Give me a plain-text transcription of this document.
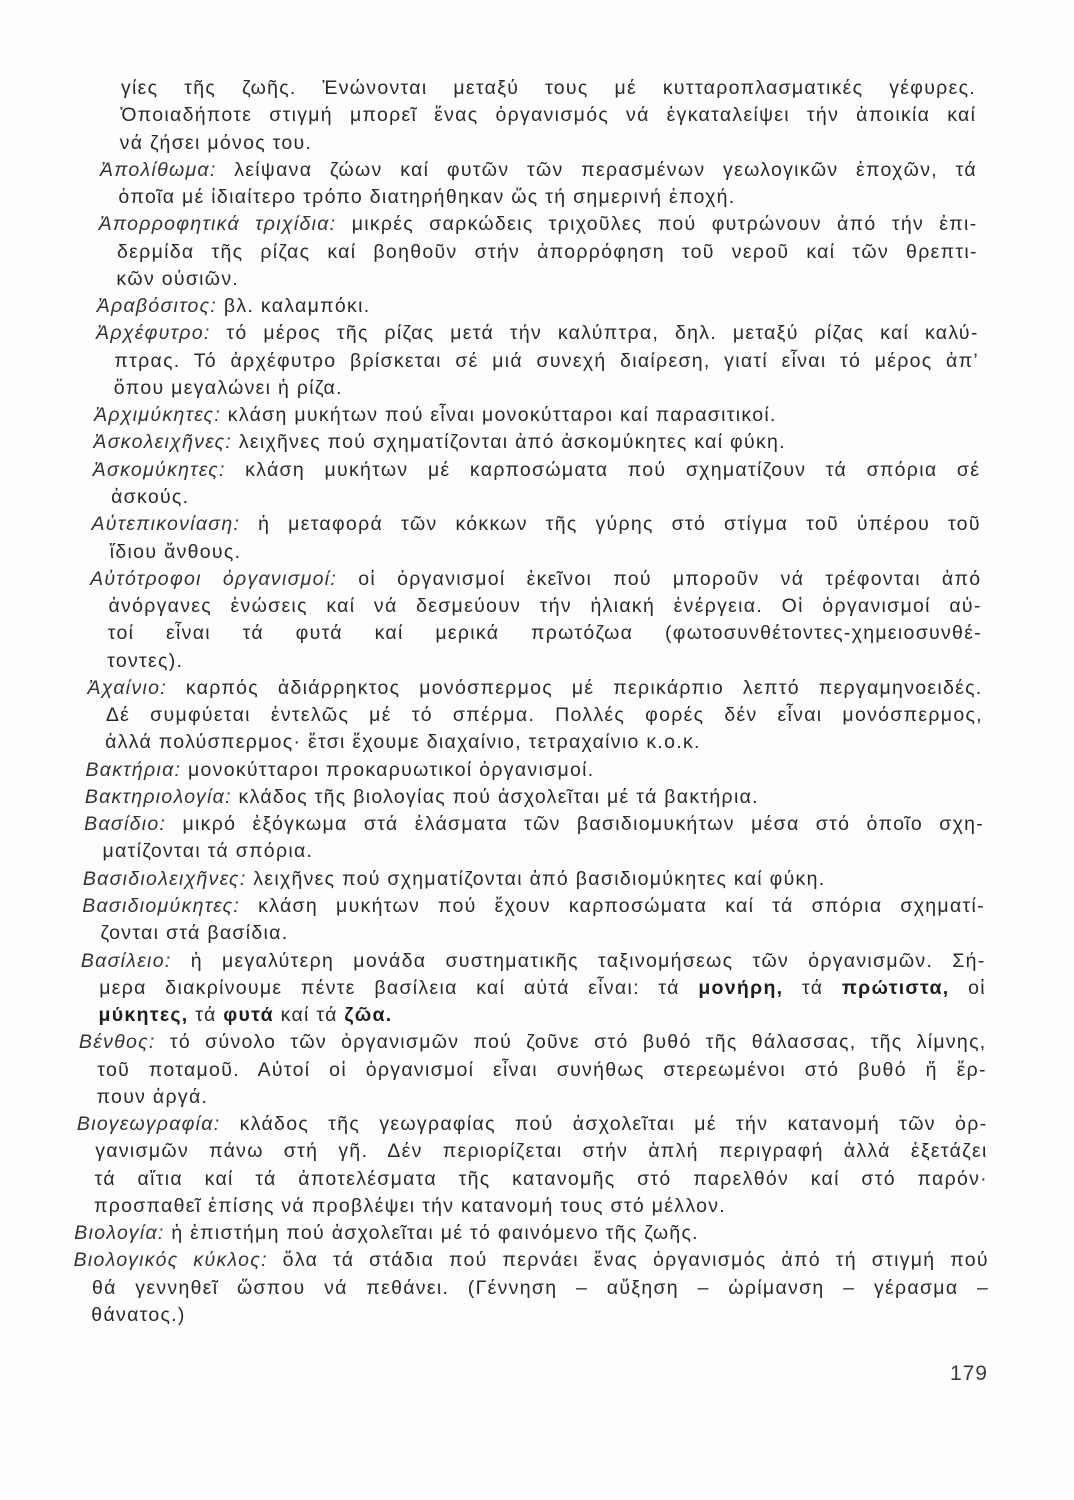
γίες τῆς ζωῆς. Ἑνώνονται μεταξύ τους μέ κυτταροπλασματικές γέφυρες.
Ὁποιαδήποτε στιγμή μπορεῖ ἕνας ὀργανισμός νά ἐγκαταλείψει τήν ἀποικία καί
νά ζήσει μόνος του.
Ἀπολίθωμα: λείψανα ζώων καί φυτῶν τῶν περασμένων γεωλογικῶν ἐποχῶν, τά
ὁποῖα μέ ἰδιαίτερο τρόπο διατηρήθηκαν ὥς τή σημερινή ἐποχή.
Ἀπορροφητικά τριχίδια: μικρές σαρκώδεις τριχοῦλες πού φυτρώνουν ἀπό τήν ἐπι-
δερμίδα τῆς ρίζας καί βοηθοῦν στήν ἀπορρόφηση τοῦ νεροῦ καί τῶν θρεπτι-
κῶν οὐσιῶν.
Ἀραβόσιτος: βλ. καλαμπόκι.
Ἀρχέφυτρο: τό μέρος τῆς ρίζας μετά τήν καλύπτρα, δηλ. μεταξύ ρίζας καί καλύ-
πτρας. Τό ἀρχέφυτρο βρίσκεται σέ μιά συνεχή διαίρεση, γιατί εἶναι τό μέρος ἀπ’
ὅπου μεγαλώνει ἡ ρίζα.
Ἀρχιμύκητες: κλάση μυκήτων πού εἶναι μονοκύτταροι καί παρασιτικοί.
Ἀσκολειχῆνες: λειχῆνες πού σχηματίζονται ἀπό ἀσκομύκητες καί φύκη.
Ἀσκομύκητες: κλάση μυκήτων μέ καρποσώματα πού σχηματίζουν τά σπόρια σέ
ἀσκούς.
Αὐτεπικονίαση: ἡ μεταφορά τῶν κόκκων τῆς γύρης στό στίγμα τοῦ ὑπέρου τοῦ
ἴδιου ἄνθους.
Αὐτότροφοι ὀργανισμοί: οἱ ὀργανισμοί ἐκεῖνοι πού μποροῦν νά τρέφονται ἀπό
ἀνόργανες ἑνώσεις καί νά δεσμεύουν τήν ἡλιακή ἐνέργεια. Οἱ ὀργανισμοί αὐ-
τοί εἶναι τά φυτά καί μερικά πρωτόζωα (φωτοσυνθέτοντες-χημειοσυνθέ-
τοντες).
Ἀχαίνιο: καρπός ἀδιάρρηκτος μονόσπερμος μέ περικάρπιο λεπτό περγαμηνοειδές.
Δέ συμφύεται ἐντελῶς μέ τό σπέρμα. Πολλές φορές δέν εἶναι μονόσπερμος,
ἀλλά πολύσπερμος· ἔτσι ἔχουμε διαχαίνιο, τετραχαίνιο κ.ο.κ.
Βακτήρια: μονοκύτταροι προκαρυωτικοί ὀργανισμοί.
Βακτηριολογία: κλάδος τῆς βιολογίας πού ἀσχολεῖται μέ τά βακτήρια.
Βασίδιο: μικρό ἐξόγκωμα στά ἐλάσματα τῶν βασιδιομυκήτων μέσα στό ὁποῖο σχη-
ματίζονται τά σπόρια.
Βασιδιολειχῆνες: λειχῆνες πού σχηματίζονται ἀπό βασιδιομύκητες καί φύκη.
Βασιδιομύκητες: κλάση μυκήτων πού ἔχουν καρποσώματα καί τά σπόρια σχηματί-
ζονται στά βασίδια.
Βασίλειο: ἡ μεγαλύτερη μονάδα συστηματικῆς ταξινομήσεως τῶν ὀργανισμῶν. Σή-
μερα διακρίνουμε πέντε βασίλεια καί αὐτά εἶναι: τά μονήρη, τά πρώτιστα, οἱ
μύκητες, τά φυτά καί τά ζῶα.
Βένθος: τό σύνολο τῶν ὀργανισμῶν πού ζοῦνε στό βυθό τῆς θάλασσας, τῆς λίμνης,
τοῦ ποταμοῦ. Αὐτοί οἱ ὀργανισμοί εἶναι συνήθως στερεωμένοι στό βυθό ἤ ἕρ-
πουν ἀργά.
Βιογεωγραφία: κλάδος τῆς γεωγραφίας πού ἀσχολεῖται μέ τήν κατανομή τῶν ὀρ-
γανισμῶν πάνω στή γῆ. Δέν περιορίζεται στήν ἁπλή περιγραφή ἀλλά ἐξετάζει
τά αἴτια καί τά ἀποτελέσματα τῆς κατανομῆς στό παρελθόν καί στό παρόν·
προσπαθεῖ ἐπίσης νά προβλέψει τήν κατανομή τους στό μέλλον.
Βιολογία: ἡ ἐπιστήμη πού ἀσχολεῖται μέ τό φαινόμενο τῆς ζωῆς.
Βιολογικός κύκλος: ὅλα τά στάδια πού περνάει ἕνας ὀργανισμός ἀπό τή στιγμή πού
θά γεννηθεῖ ὥσπου νά πεθάνει. (Γέννηση – αὔξηση – ὡρίμανση – γέρασμα –
θάνατος.)
179
